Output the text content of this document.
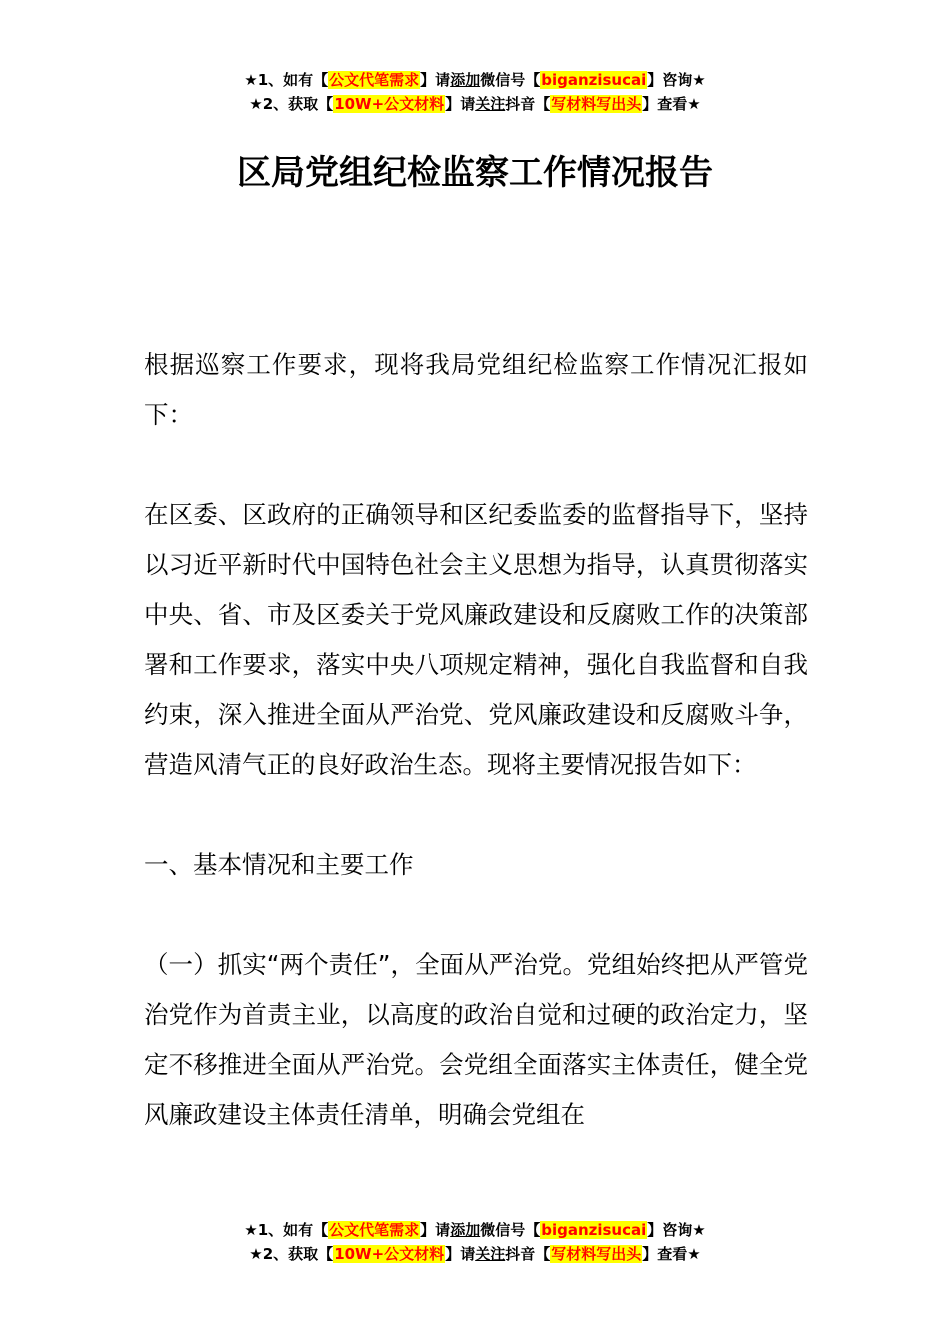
★1、如有【公文代笔需求】请添加微信号【biganzisucai】咨询★
★2、获取【10W+公文材料】请关注抖音【写材料写出头】查看★
区局党组纪检监察工作情况报告

根据巡察工作要求，现将我局党组纪检监察工作情况汇报如下：

在区委、区政府的正确领导和区纪委监委的监督指导下，坚持以习近平新时代中国特色社会主义思想为指导，认真贯彻落实中央、省、市及区委关于党风廉政建设和反腐败工作的决策部署和工作要求，落实中央八项规定精神，强化自我监督和自我约束，深入推进全面从严治党、党风廉政建设和反腐败斗争，营造风清气正的良好政治生态。现将主要情况报告如下：

一、基本情况和主要工作

（一）抓实“两个责任”，全面从严治党。党组始终把从严管党治党作为首责主业，以高度的政治自觉和过硬的政治定力，坚定不移推进全面从严治党。会党组全面落实主体责任，健全党风廉政建设主体责任清单，明确会党组在

★1、如有【公文代笔需求】请添加微信号【biganzisucai】咨询★
★2、获取【10W+公文材料】请关注抖音【写材料写出头】查看★
